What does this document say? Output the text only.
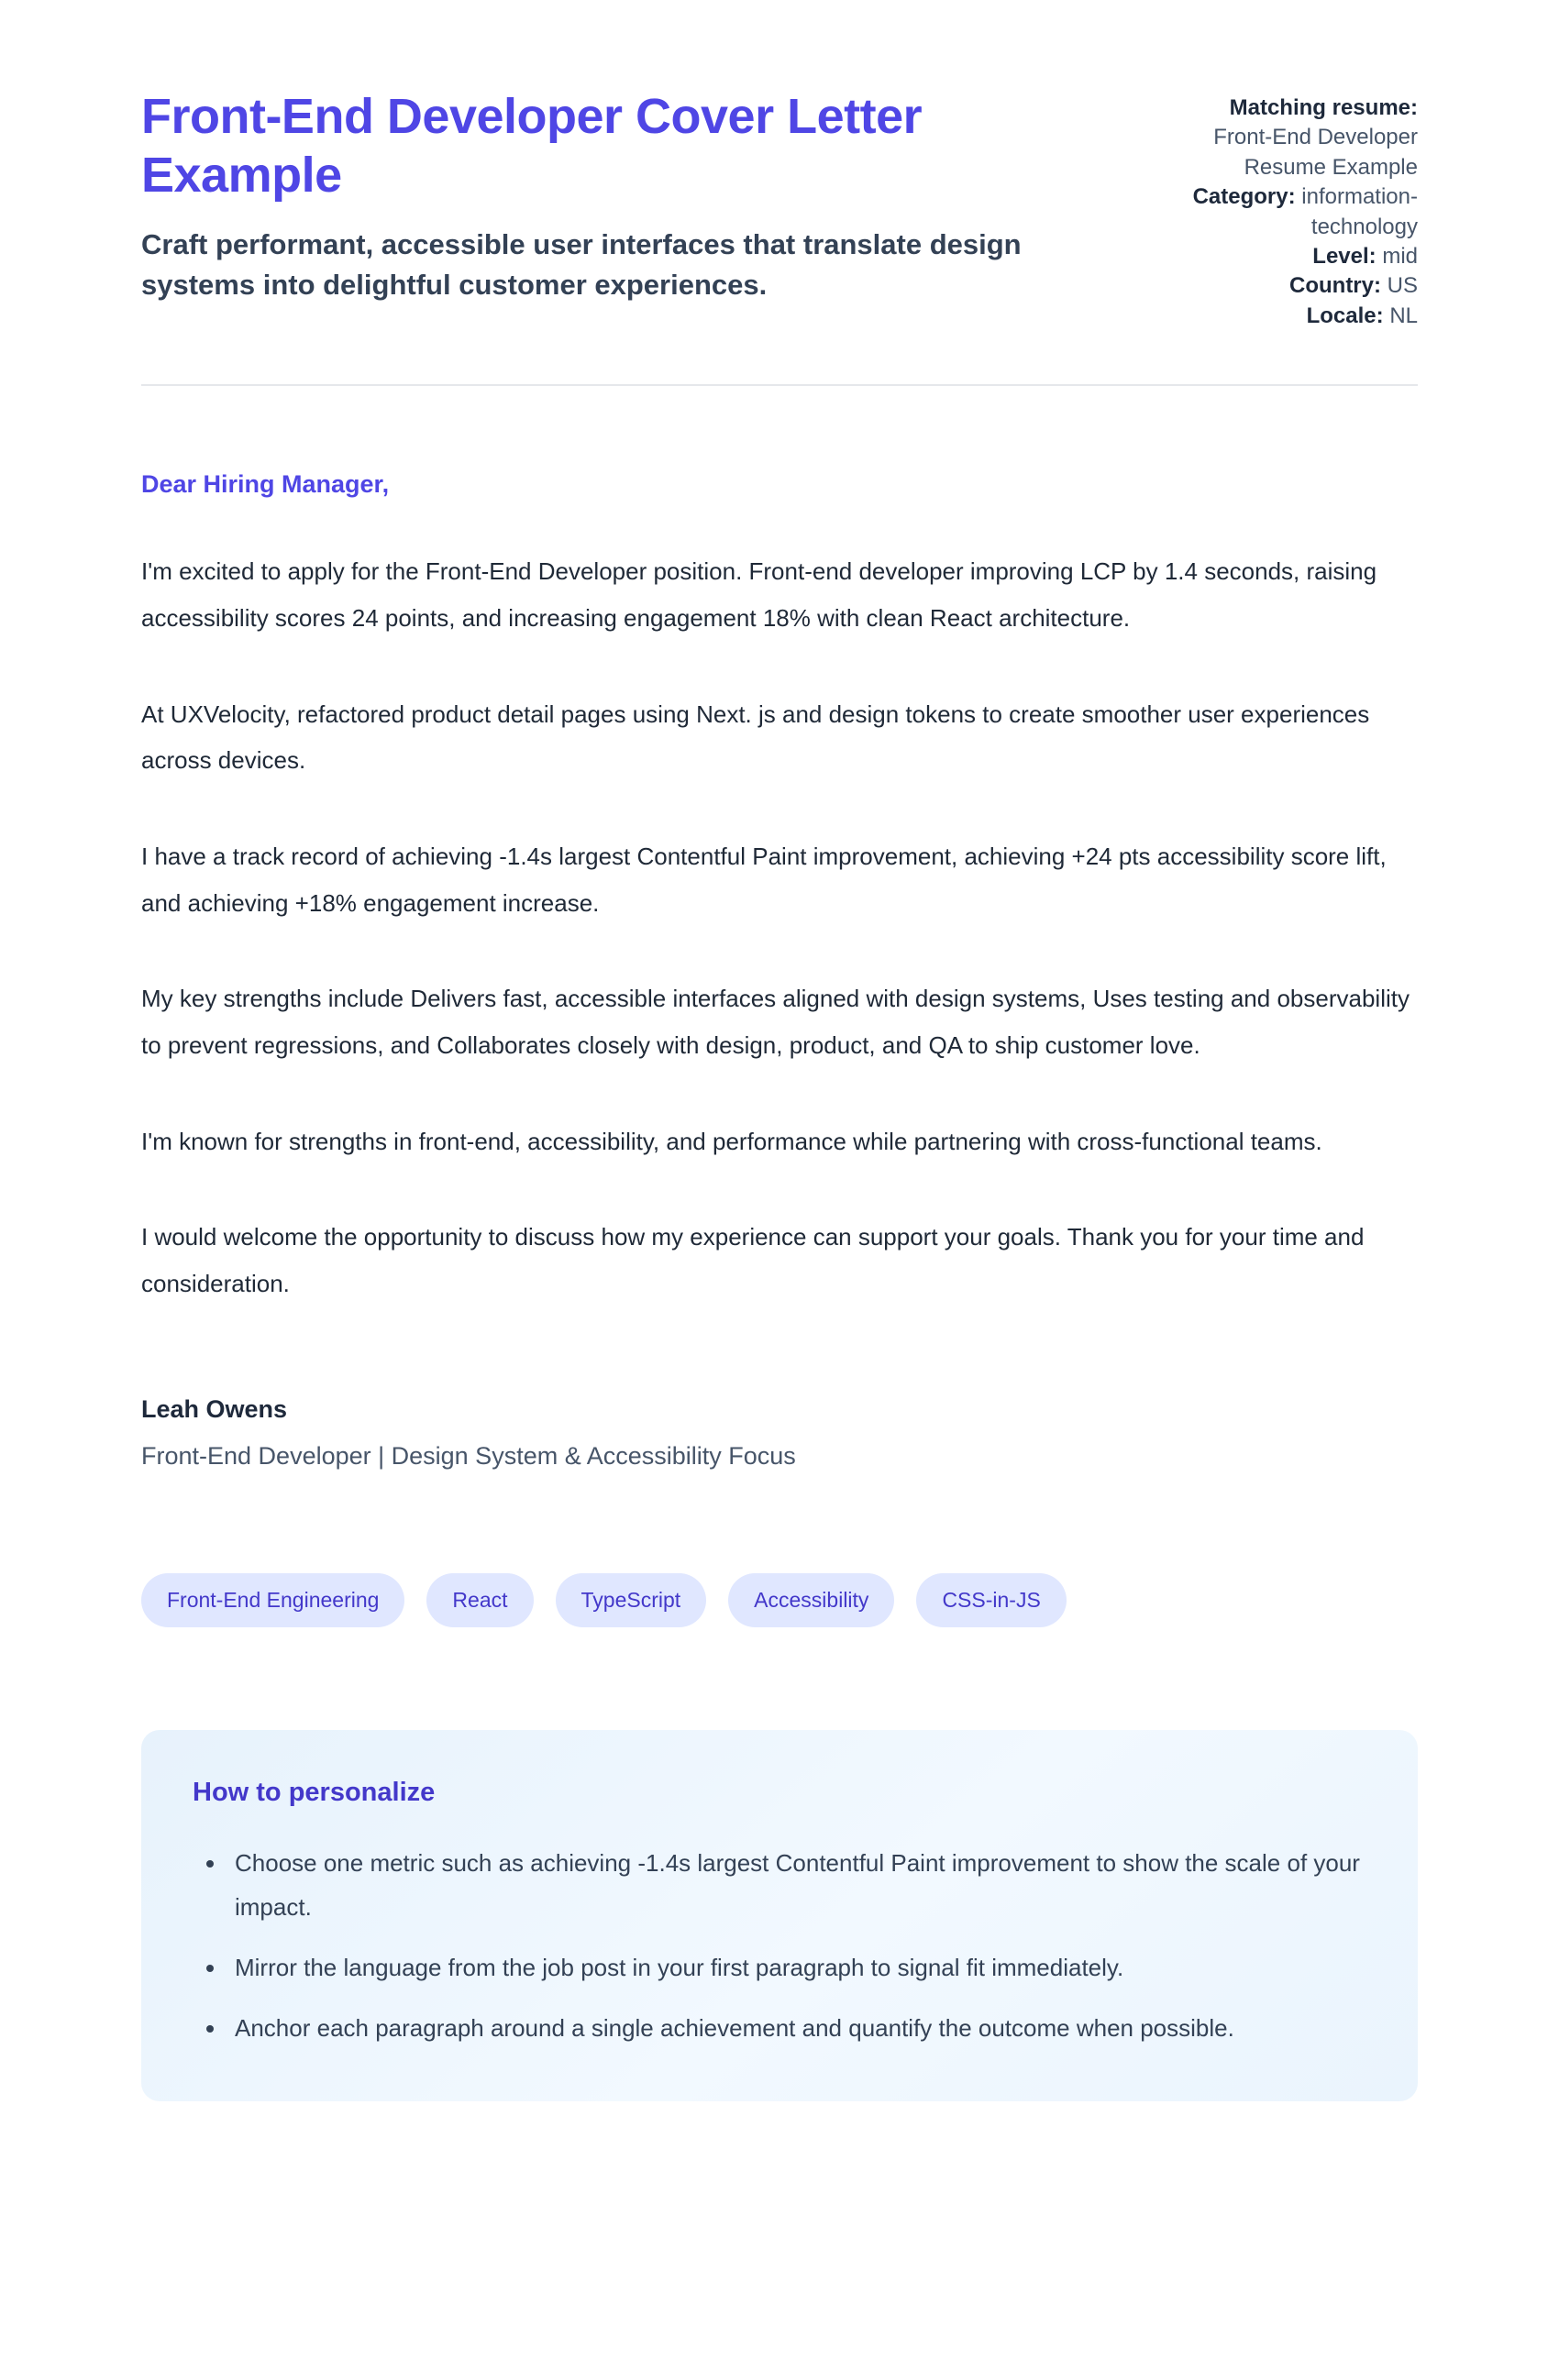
Front-End Developer Cover Letter Example

Craft performant, accessible user interfaces that translate design systems into delightful customer experiences.

Matching resume:
Front-End Developer Resume Example
Category: information-technology
Level: mid
Country: US
Locale: NL

Dear Hiring Manager,

I'm excited to apply for the Front-End Developer position. Front-end developer improving LCP by 1.4 seconds, raising accessibility scores 24 points, and increasing engagement 18% with clean React architecture.

At UXVelocity, refactored product detail pages using Next. js and design tokens to create smoother user experiences across devices.

I have a track record of achieving -1.4s largest Contentful Paint improvement, achieving +24 pts accessibility score lift, and achieving +18% engagement increase.

My key strengths include Delivers fast, accessible interfaces aligned with design systems, Uses testing and observability to prevent regressions, and Collaborates closely with design, product, and QA to ship customer love.

I'm known for strengths in front-end, accessibility, and performance while partnering with cross-functional teams.

I would welcome the opportunity to discuss how my experience can support your goals. Thank you for your time and consideration.

Leah Owens

Front-End Developer | Design System & Accessibility Focus

Front-End Engineering	React	TypeScript	Accessibility	CSS-in-JS
How to personalize
• Choose one metric such as achieving -1.4s largest Contentful Paint improvement to show the scale of your impact.
• Mirror the language from the job post in your first paragraph to signal fit immediately.
• Anchor each paragraph around a single achievement and quantify the outcome when possible.
